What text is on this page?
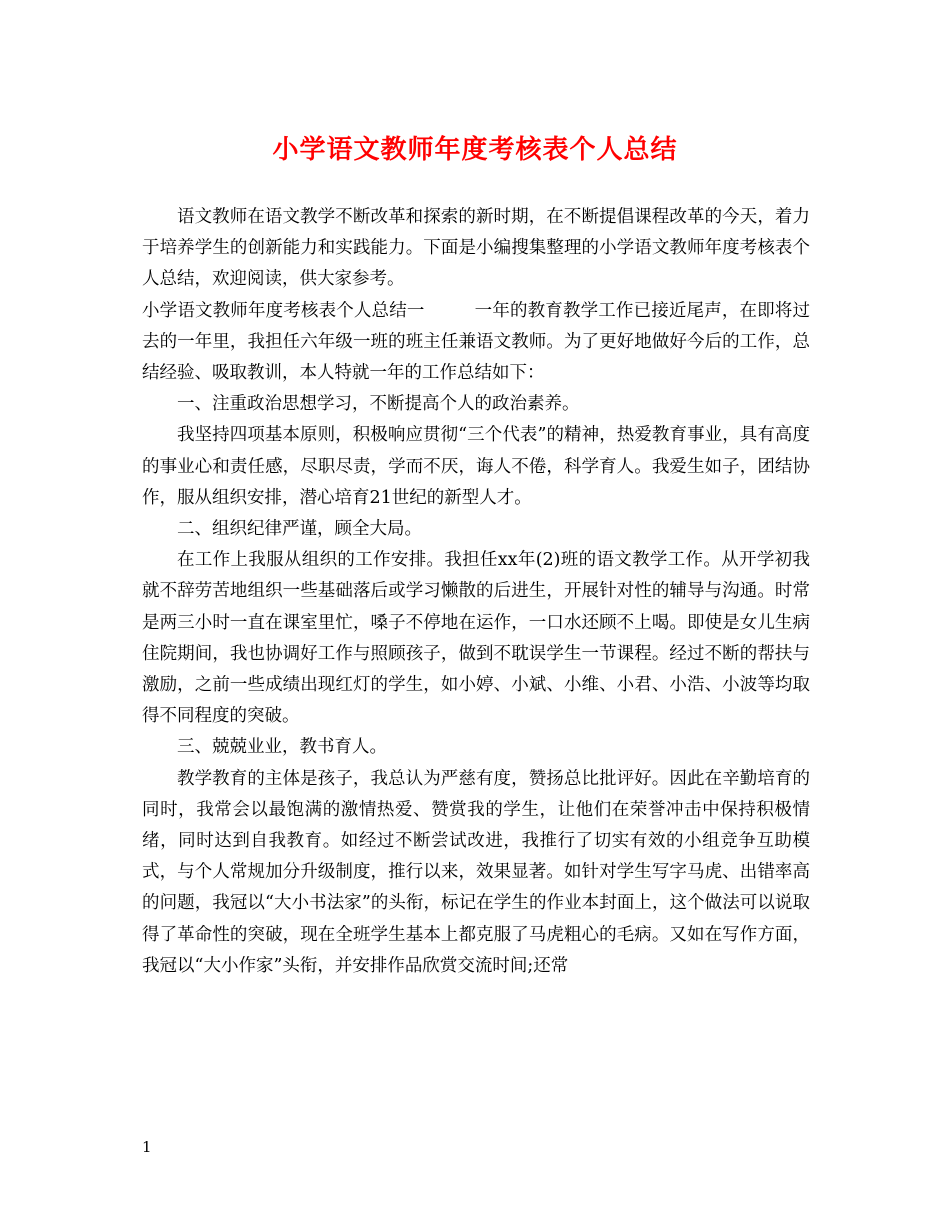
小学语文教师年度考核表个人总结

语文教师在语文教学不断改革和探索的新时期，在不断提倡课程改革的今天，着力于培养学生的创新能力和实践能力。下面是小编搜集整理的小学语文教师年度考核表个人总结，欢迎阅读，供大家参考。

小学语文教师年度考核表个人总结一	一年的教育教学工作已接近尾声，在即将过去的一年里，我担任六年级一班的班主任兼语文教师。为了更好地做好今后的工作，总结经验、吸取教训，本人特就一年的工作总结如下：

一、注重政治思想学习，不断提高个人的政治素养。

我坚持四项基本原则，积极响应贯彻“三个代表”的精神，热爱教育事业，具有高度的事业心和责任感，尽职尽责，学而不厌，诲人不倦，科学育人。我爱生如子，团结协作，服从组织安排，潜心培育21世纪的新型人才。

二、组织纪律严谨，顾全大局。

在工作上我服从组织的工作安排。我担任xx年(2)班的语文教学工作。从开学初我就不辞劳苦地组织一些基础落后或学习懒散的后进生，开展针对性的辅导与沟通。时常是两三小时一直在课室里忙，嗓子不停地在运作，一口水还顾不上喝。即使是女儿生病住院期间，我也协调好工作与照顾孩子，做到不耽误学生一节课程。经过不断的帮扶与激励，之前一些成绩出现红灯的学生，如小婷、小斌、小维、小君、小浩、小波等均取得不同程度的突破。

三、兢兢业业，教书育人。

教学教育的主体是孩子，我总认为严慈有度，赞扬总比批评好。因此在辛勤培育的同时，我常会以最饱满的激情热爱、赞赏我的学生，让他们在荣誉冲击中保持积极情绪，同时达到自我教育。如经过不断尝试改进，我推行了切实有效的小组竞争互助模式，与个人常规加分升级制度，推行以来，效果显著。如针对学生写字马虎、出错率高的问题，我冠以“大小书法家”的头衔，标记在学生的作业本封面上，这个做法可以说取得了革命性的突破，现在全班学生基本上都克服了马虎粗心的毛病。又如在写作方面，我冠以“大小作家”头衔，并安排作品欣赏交流时间;还常

1
